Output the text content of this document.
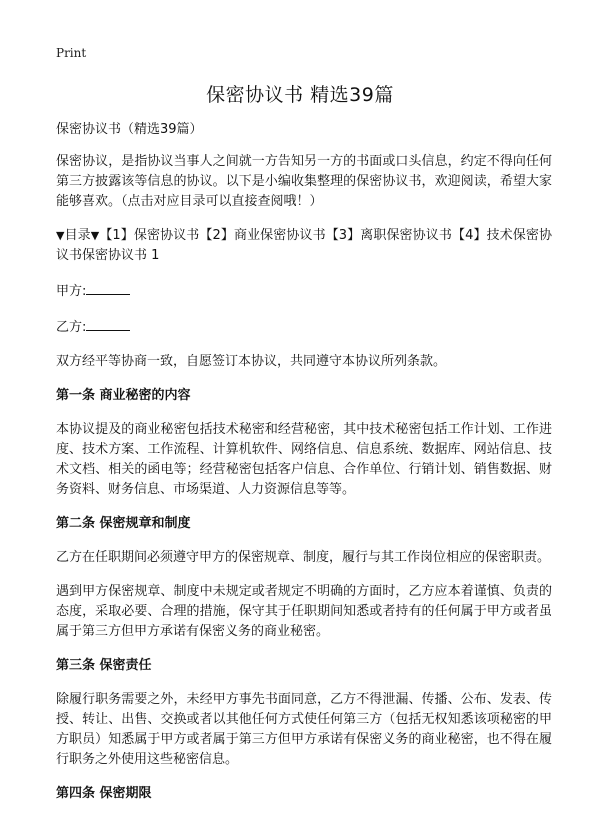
Print
保密协议书 精选39篇

保密协议书（精选39篇）

保密协议，是指协议当事人之间就一方告知另一方的书面或口头信息，约定不得向任何第三方披露该等信息的协议。以下是小编收集整理的保密协议书，欢迎阅读，希望大家能够喜欢。（点击对应目录可以直接查阅哦！）

▼目录▼【1】保密协议书【2】商业保密协议书【3】离职保密协议书【4】技术保密协议书保密协议书 1

甲方:

乙方:

双方经平等协商一致，自愿签订本协议，共同遵守本协议所列条款。

第一条 商业秘密的内容

本协议提及的商业秘密包括技术秘密和经营秘密，其中技术秘密包括工作计划、工作进度、技术方案、工作流程、计算机软件、网络信息、信息系统、数据库、网站信息、技术文档、相关的函电等；经营秘密包括客户信息、合作单位、行销计划、销售数据、财务资料、财务信息、市场渠道、人力资源信息等等。

第二条 保密规章和制度

乙方在任职期间必须遵守甲方的保密规章、制度，履行与其工作岗位相应的保密职责。

遇到甲方保密规章、制度中未规定或者规定不明确的方面时，乙方应本着谨慎、负责的态度，采取必要、合理的措施，保守其于任职期间知悉或者持有的任何属于甲方或者虽属于第三方但甲方承诺有保密义务的商业秘密。

第三条 保密责任

除履行职务需要之外，未经甲方事先书面同意，乙方不得泄漏、传播、公布、发表、传授、转让、出售、交换或者以其他任何方式使任何第三方（包括无权知悉该项秘密的甲方职员）知悉属于甲方或者属于第三方但甲方承诺有保密义务的商业秘密，也不得在履行职务之外使用这些秘密信息。

第四条 保密期限
